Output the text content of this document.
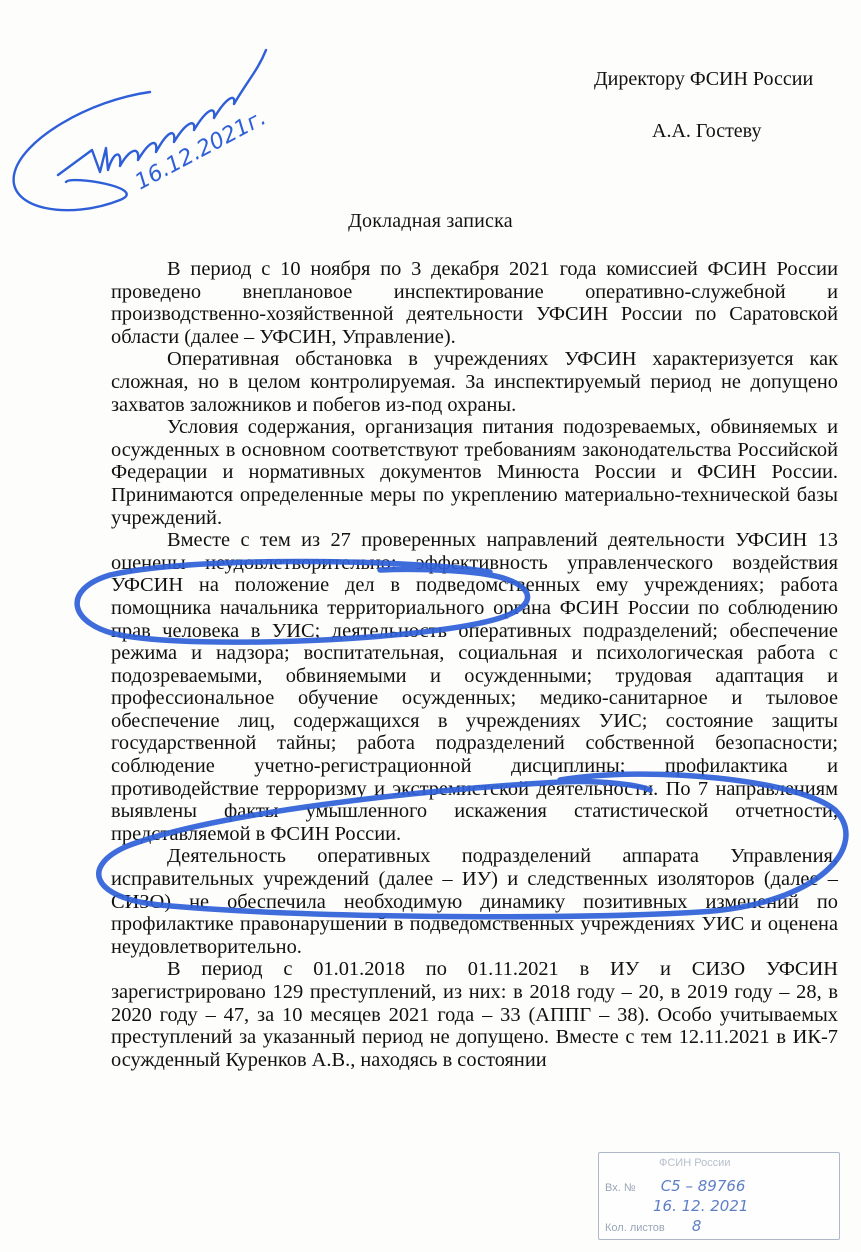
Директору ФСИН России
А.А. Гостеву
Докладная записка

В период с 10 ноября по 3 декабря 2021 года комиссией ФСИН России проведено внеплановое инспектирование оперативно-служебной и производственно-хозяйственной деятельности УФСИН России по Саратовской области (далее – УФСИН, Управление).

Оперативная обстановка в учреждениях УФСИН характеризуется как сложная, но в целом контролируемая. За инспектируемый период не допущено захватов заложников и побегов из-под охраны.

Условия содержания, организация питания подозреваемых, обвиняемых и осужденных в основном соответствуют требованиям законодательства Российской Федерации и нормативных документов Минюста России и ФСИН России. Принимаются определенные меры по укреплению материально-технической базы учреждений.

Вместе с тем из 27 проверенных направлений деятельности УФСИН 13 оценены неудовлетворительно: эффективность управленческого воздействия УФСИН на положение дел в подведомственных ему учреждениях; работа помощника начальника территориального органа ФСИН России по соблюдению прав человека в УИС; деятельность оперативных подразделений; обеспечение режима и надзора; воспитательная, социальная и психологическая работа с подозреваемыми, обвиняемыми и осужденными; трудовая адаптация и профессиональное обучение осужденных; медико-санитарное и тыловое обеспечение лиц, содержащихся в учреждениях УИС; состояние защиты государственной тайны; работа подразделений собственной безопасности; соблюдение учетно-регистрационной дисциплины; профилактика и противодействие терроризму и экстремистской деятельности. По 7 направлениям выявлены факты умышленного искажения статистической отчетности, представляемой в ФСИН России.

Деятельность оперативных подразделений аппарата Управления, исправительных учреждений (далее – ИУ) и следственных изоляторов (далее – СИЗО) не обеспечила необходимую динамику позитивных изменений по профилактике правонарушений в подведомственных учреждениях УИС и оценена неудовлетворительно.

В период с 01.01.2018 по 01.11.2021 в ИУ и СИЗО УФСИН зарегистрировано 129 преступлений, из них: в 2018 году – 20, в 2019 году – 28, в 2020 году – 47, за 10 месяцев 2021 года – 33 (АППГ – 38). Особо учитываемых преступлений за указанный период не допущено. Вместе с тем 12.11.2021 в ИК-7 осужденный Куренков А.В., находясь в состоянии

16.12.2021г.
ФСИН России
Вх. № С5 – 89766
16. 12. 2021
Кол. листов 8
